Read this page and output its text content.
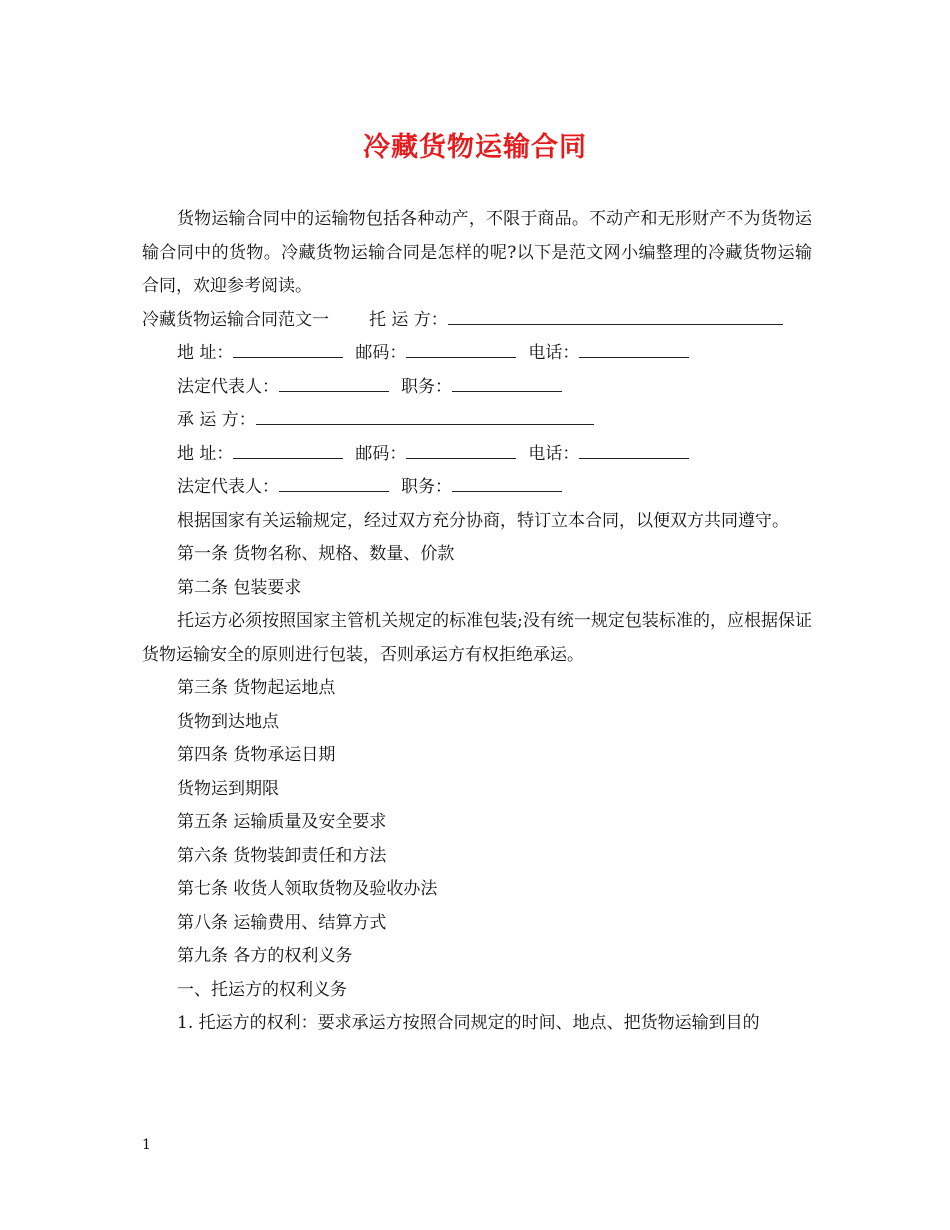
冷藏货物运输合同

货物运输合同中的运输物包括各种动产，不限于商品。不动产和无形财产不为货物运输合同中的货物。冷藏货物运输合同是怎样的呢?以下是范文网小编整理的冷藏货物运输合同，欢迎参考阅读。

冷藏货物运输合同范文一 托 运 方：
地 址：	邮码：	电话：
法定代表人：	职务：
承 运 方：
地 址：	邮码：	电话：
法定代表人：	职务：

根据国家有关运输规定，经过双方充分协商，特订立本合同，以便双方共同遵守。

第一条 货物名称、规格、数量、价款

第二条 包装要求

托运方必须按照国家主管机关规定的标准包装;没有统一规定包装标准的，应根据保证货物运输安全的原则进行包装，否则承运方有权拒绝承运。

第三条 货物起运地点

货物到达地点

第四条 货物承运日期

货物运到期限

第五条 运输质量及安全要求

第六条 货物装卸责任和方法

第七条 收货人领取货物及验收办法

第八条 运输费用、结算方式

第九条 各方的权利义务

一、托运方的权利义务

1. 托运方的权利：要求承运方按照合同规定的时间、地点、把货物运输到目的

1
